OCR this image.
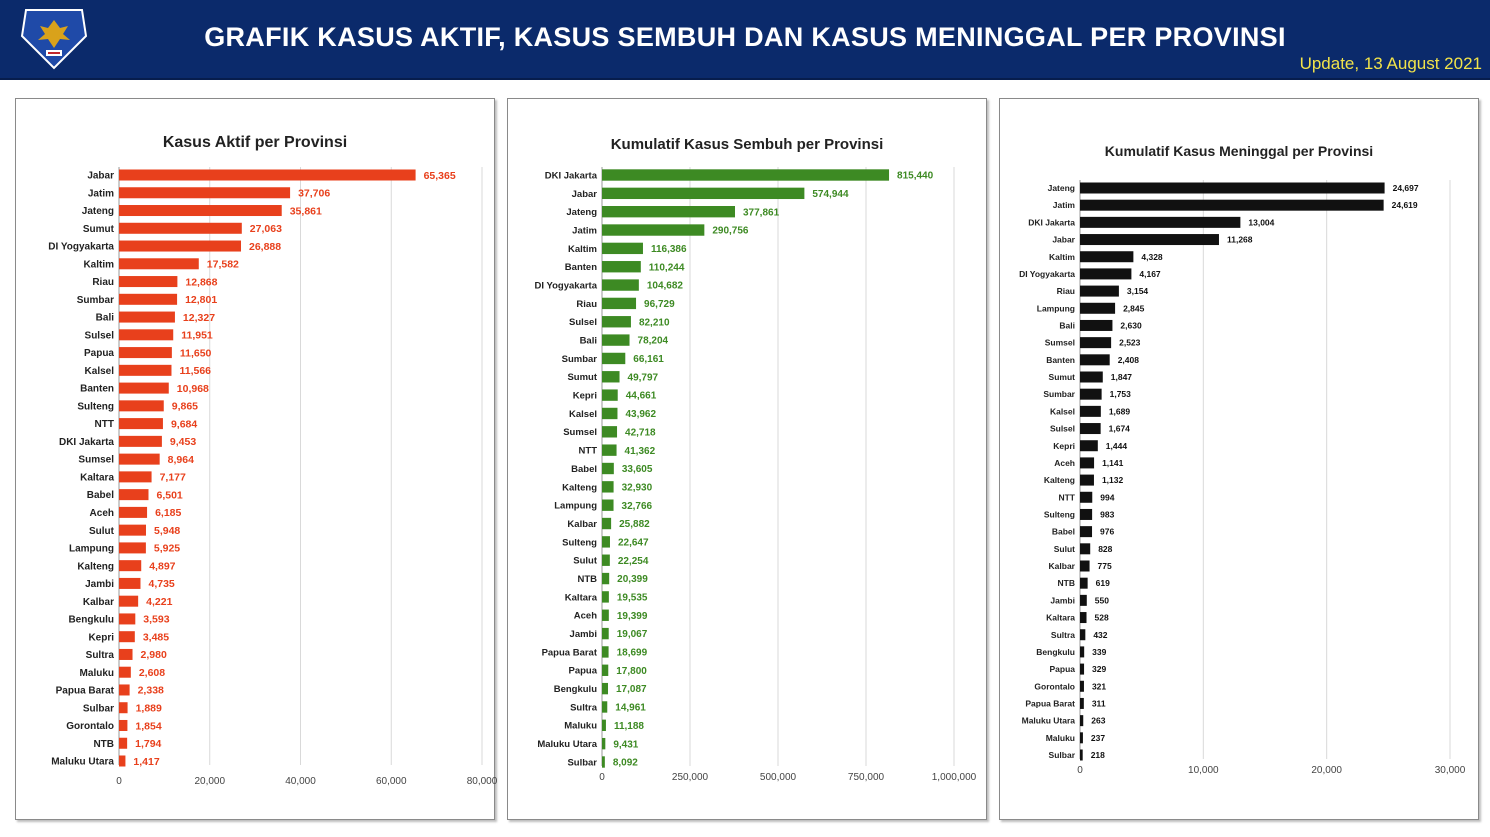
GRAFIK KASUS AKTIF, KASUS SEMBUH DAN KASUS MENINGGAL PER PROVINSI
Update, 13 August 2021
Kasus Aktif per Provinsi
0	20,000	40,000	60,000	80,000
Jabar	65,365
Jatim	37,706
Jateng	35,861
Sumut	27,063
DI Yogyakarta	26,888
Kaltim	17,582
Riau	12,868
Sumbar	12,801
Bali	12,327
Sulsel	11,951
Papua	11,650
Kalsel	11,566
Banten	10,968
Sulteng	9,865
NTT	9,684
DKI Jakarta	9,453
Sumsel	8,964
Kaltara	7,177
Babel	6,501
Aceh	6,185
Sulut	5,948
Lampung	5,925
Kalteng	4,897
Jambi	4,735
Kalbar	4,221
Bengkulu	3,593
Kepri	3,485
Sultra	2,980
Maluku 2,608
Papua Barat 2,338
Sulbar 1,889
Gorontalo 1,854
NTB 1,794
Maluku Utara 1,417
Kumulatif Kasus Sembuh per Provinsi
0	250,000	500,000	750,000	1,000,000
DKI Jakarta	815,440
Jabar	574,944
Jateng	377,861
Jatim	290,756
Kaltim	116,386
Banten	110,244
DI Yogyakarta	104,682
Riau	96,729
Sulsel	82,210
Bali	78,204
Sumbar	66,161
Sumut	49,797
Kepri	44,661
Kalsel	43,962
Sumsel	42,718
NTT	41,362
Babel 33,605
Kalteng 32,930
Lampung 32,766
Kalbar 25,882
Sulteng 22,647
Sulut 22,254
NTB 20,399
Kaltara 19,535
Aceh 19,399
Jambi 19,067
Papua Barat 18,699
Papua 17,800
Bengkulu 17,087
Sultra 14,961
Maluku 11,188
Maluku Utara 9,431
Sulbar 8,092
Kumulatif Kasus Meninggal per Provinsi
0	10,000	20,000	30,000
Jateng	24,697
Jatim	24,619
DKI Jakarta	13,004
Jabar	11,268
Kaltim	4,328
DI Yogyakarta	4,167
Riau	3,154
Lampung	2,845
Bali	2,630
Sumsel	2,523
Banten	2,408
Sumut	1,847
Sumbar	1,753
Kalsel	1,689
Sulsel	1,674
Kepri	1,444
Aceh	1,141
Kalteng	1,132
NTT	994
Sulteng	983
Babel	976
Sulut	828
Kalbar	775
NTB 619
Jambi 550
Kaltara 528
Sultra 432
Bengkulu 339
Papua 329
Gorontalo 321
Papua Barat 311
Maluku Utara 263
Maluku 237
Sulbar 218
